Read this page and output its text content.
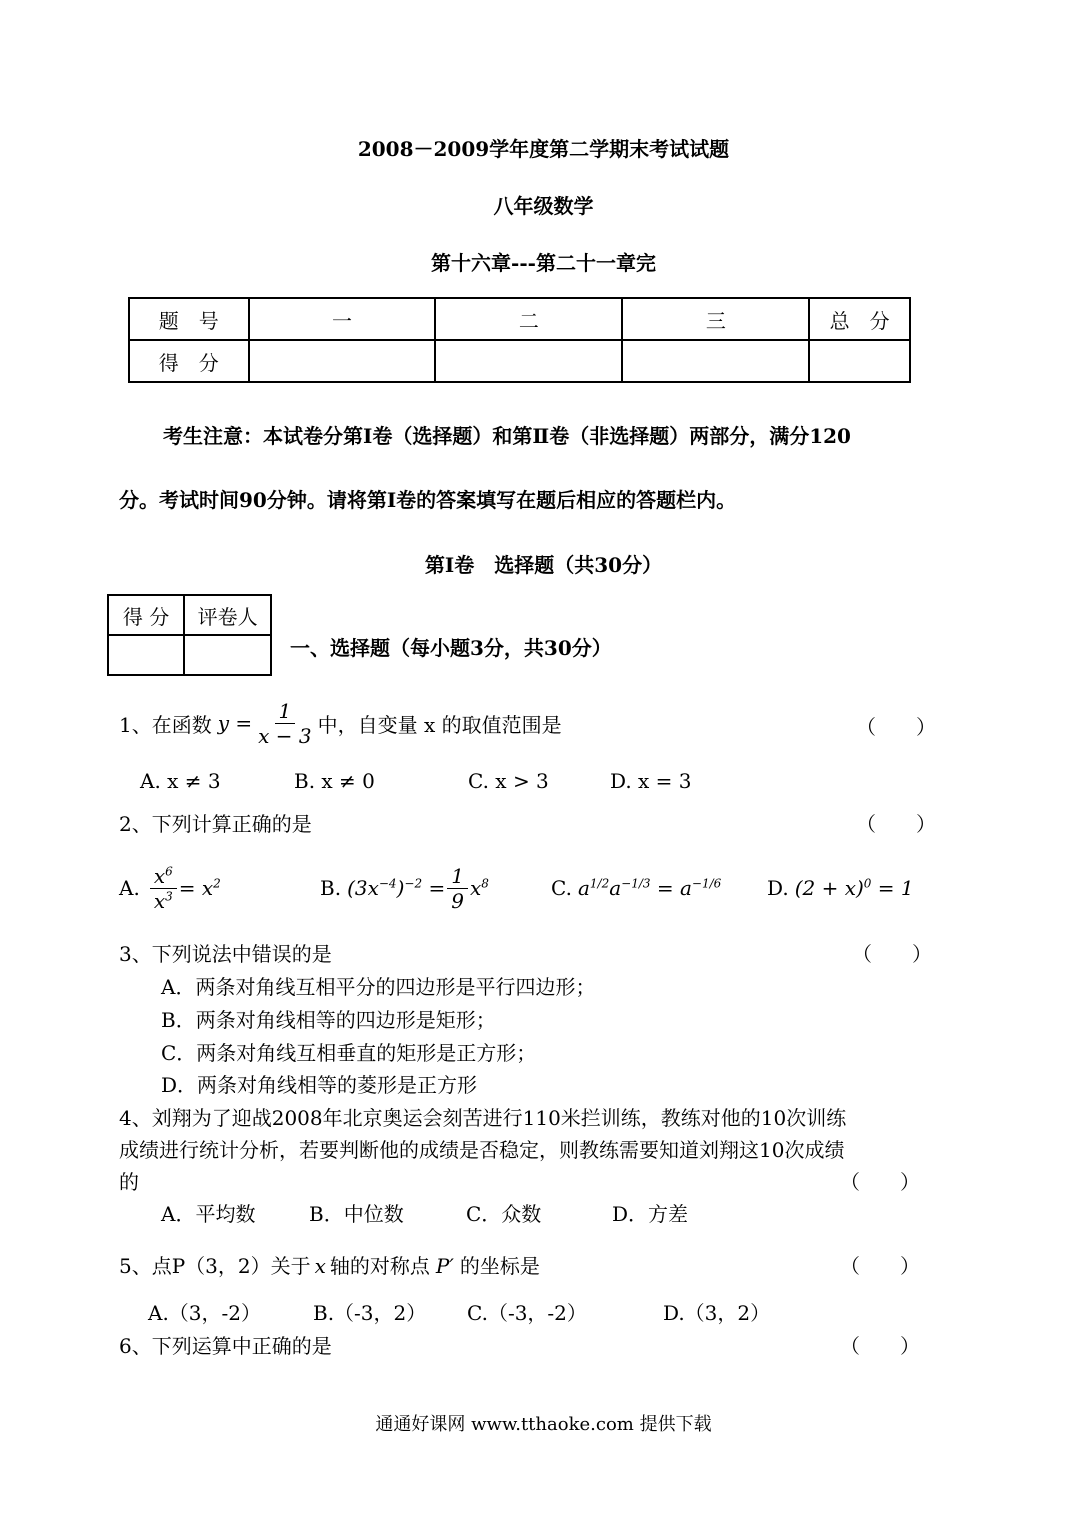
2008－2009学年度第二学期末考试试题
八年级数学
第十六章---第二十一章完
题　号	一	二	三	总　分
得　分				
考生注意：本试卷分第Ⅰ卷（选择题）和第Ⅱ卷（非选择题）两部分，满分120
分。考试时间90分钟。请将第Ⅰ卷的答案填写在题后相应的答题栏内。
第Ⅰ卷　选择题（共30分）
得 分	评卷人

一、选择题（每小题3分，共30分）
1、在函数 $y = \frac{1}{x - 3}$ 中，自变量 x 的取值范围是	（　　）
A. x ≠ 3	B. x ≠ 0	C. x > 3	D. x = 3
2、下列计算正确的是	（　　）
A. $\frac{x^6}{x^3} = x^2$	B. $(3x^{-4})^{-2} = \frac{1}{9} x^8$	C. $a^{1/2}a^{-1/3} = a^{-1/6}$ D. $(2 + x)^0 = 1$
3、下列说法中错误的是	（　　）
A．两条对角线互相平分的四边形是平行四边形；
B．两条对角线相等的四边形是矩形；
C．两条对角线互相垂直的矩形是正方形；
D．两条对角线相等的菱形是正方形
4、刘翔为了迎战2008年北京奥运会刻苦进行110米拦训练，教练对他的10次训练
成绩进行统计分析，若要判断他的成绩是否稳定，则教练需要知道刘翔这10次成绩
的	（　　）
A．平均数	B．中位数	C．众数	D．方差
5、点P（3，2）关于 x 轴的对称点 P′ 的坐标是	（　　）
A.（3，-2）	B.（-3，2） C.（-3，-2）	D.（3，2）
6、下列运算中正确的是	（　　）
通通好课网 www.tthaoke.com 提供下载
